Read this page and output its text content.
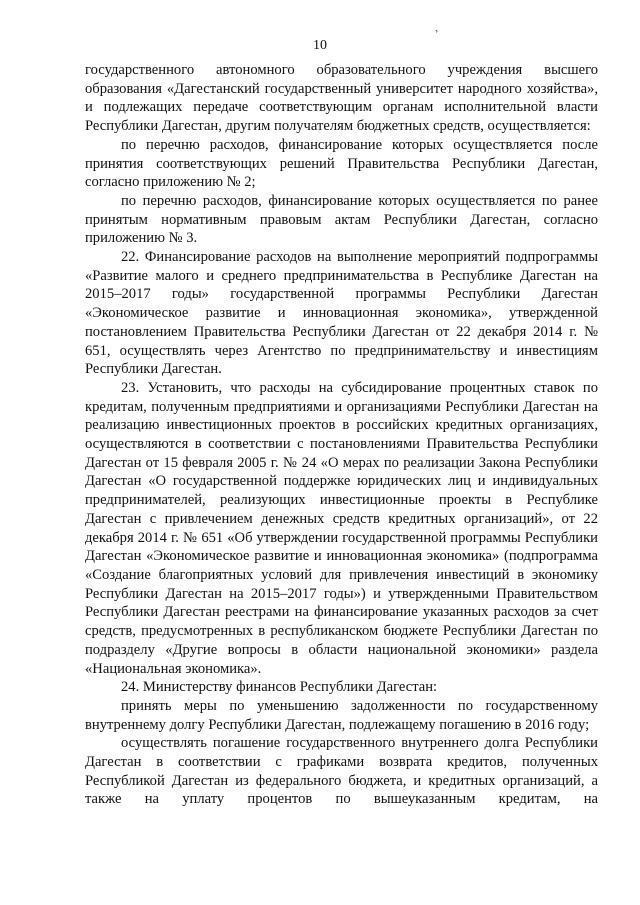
’
10

государственного автономного образовательного учреждения высшего образования «Дагестанский государственный университет народного хозяйства», и подлежащих передаче соответствующим органам исполнительной власти Республики Дагестан, другим получателям бюджетных средств, осуществляется:

по перечню расходов, финансирование которых осуществляется после принятия соответствующих решений Правительства Республики Дагестан, согласно приложению № 2;

по перечню расходов, финансирование которых осуществляется по ранее принятым нормативным правовым актам Республики Дагестан, согласно приложению № 3.

22. Финансирование расходов на выполнение мероприятий подпрограммы «Развитие малого и среднего предпринимательства в Республике Дагестан на 2015–2017 годы» государственной программы Республики Дагестан «Экономическое развитие и инновационная экономика», утвержденной постановлением Правительства Республики Дагестан от 22 декабря 2014 г. № 651, осуществлять через Агентство по предпринимательству и инвестициям Республики Дагестан.

23. Установить, что расходы на субсидирование процентных ставок по кредитам, полученным предприятиями и организациями Республики Дагестан на реализацию инвестиционных проектов в российских кредитных организациях, осуществляются в соответствии с постановлениями Правительства Республики Дагестан от 15 февраля 2005 г. № 24 «О мерах по реализации Закона Республики Дагестан «О государственной поддержке юридических лиц и индивидуальных предпринимателей, реализующих инвестиционные проекты в Республике Дагестан с привлечением денежных средств кредитных организаций», от 22 декабря 2014 г. № 651 «Об утверждении государственной программы Республики Дагестан «Экономическое развитие и инновационная экономика» (подпрограмма «Создание благоприятных условий для привлечения инвестиций в экономику Республики Дагестан на 2015–2017 годы») и утвержденными Правительством Республики Дагестан реестрами на финансирование указанных расходов за счет средств, предусмотренных в республиканском бюджете Республики Дагестан по подразделу «Другие вопросы в области национальной экономики» раздела «Национальная экономика».

24. Министерству финансов Республики Дагестан:

принять меры по уменьшению задолженности по государственному внутреннему долгу Республики Дагестан, подлежащему погашению в 2016 году;

осуществлять погашение государственного внутреннего долга Республики Дагестан в соответствии с графиками возврата кредитов, полученных Республикой Дагестан из федерального бюджета, и кредитных организаций, а также на уплату процентов по вышеуказанным кредитам, на
